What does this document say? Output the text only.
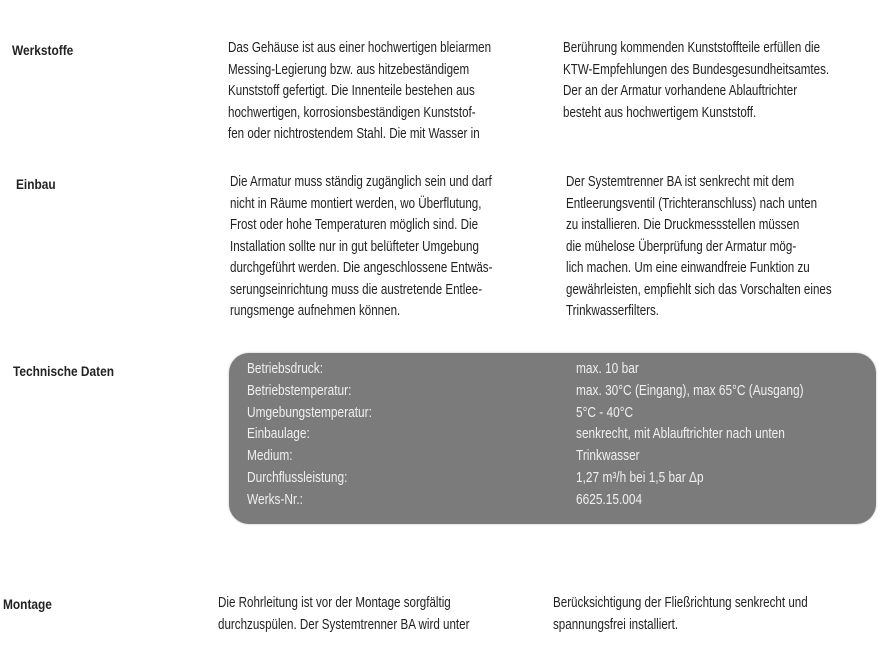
Werkstoffe	Das Gehäuse ist aus einer hochwertigen bleiarmen
Messing-Legierung bzw. aus hitzebeständigem
Kunststoff gefertigt. Die Innenteile bestehen aus
hochwertigen, korrosionsbeständigen Kunststof-
fen oder nichtrostendem Stahl. Die mit Wasser in
Berührung kommenden Kunststoffteile erfüllen die
KTW-Empfehlungen des Bundesgesundheitsamtes.
Der an der Armatur vorhandene Ablauftrichter
besteht aus hochwertigem Kunststoff.
Einbau	Die Armatur muss ständig zugänglich sein und darf
nicht in Räume montiert werden, wo Überflutung,
Frost oder hohe Temperaturen möglich sind. Die
Installation sollte nur in gut belüfteter Umgebung
durchgeführt werden. Die angeschlossene Entwäs-
serungseinrichtung muss die austretende Entlee-
rungsmenge aufnehmen können.
Der Systemtrenner BA ist senkrecht mit dem
Entleerungsventil (Trichteranschluss) nach unten
zu installieren. Die Druckmessstellen müssen
die mühelose Überprüfung der Armatur mög-
lich machen. Um eine einwandfreie Funktion zu
gewährleisten, empfiehlt sich das Vorschalten eines
Trinkwasserfilters.
Technische Daten	Betriebsdruck:	max. 10 bar
Betriebstemperatur:	max. 30°C (Eingang), max 65°C (Ausgang)
Umgebungstemperatur:	5°C - 40°C
Einbaulage:	senkrecht, mit Ablauftrichter nach unten
Medium:	Trinkwasser
Durchflussleistung:	1,27 m³/h bei 1,5 bar Δp
Werks-Nr.:	6625.15.004
Montage	Die Rohrleitung ist vor der Montage sorgfältig
durchzuspülen. Der Systemtrenner BA wird unter
Berücksichtigung der Fließrichtung senkrecht und
spannungsfrei installiert.
